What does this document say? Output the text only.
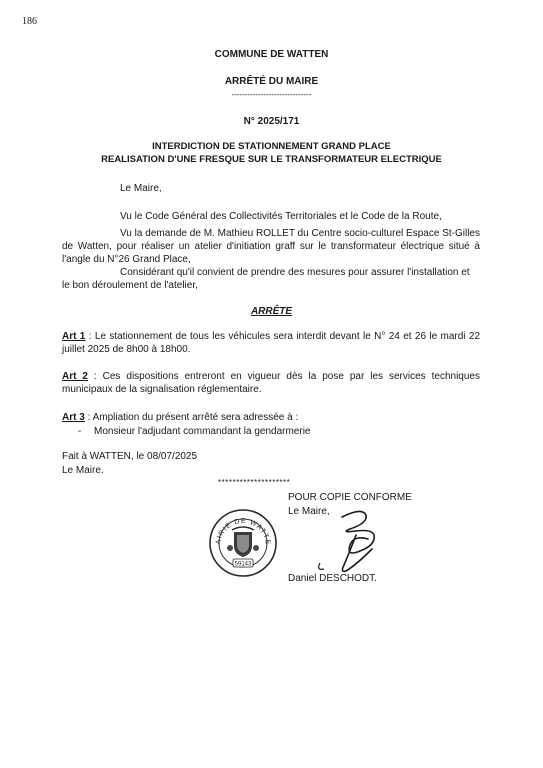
186
COMMUNE DE WATTEN
ARRÊTÉ DU MAIRE
------------------------------
N° 2025/171
INTERDICTION DE STATIONNEMENT GRAND PLACE
REALISATION D'UNE FRESQUE SUR LE TRANSFORMATEUR ELECTRIQUE
Le Maire,
Vu le Code Général des Collectivités Territoriales et le Code de la Route,
Vu la demande de M. Mathieu ROLLET du Centre socio-culturel Espace St-Gilles de Watten, pour réaliser un atelier d'initiation graff sur le transformateur électrique situé à l'angle du N°26 Grand Place,
Considérant qu'il convient de prendre des mesures pour assurer l'installation et le bon déroulement de l'atelier,
ARRÊTE
Art 1 : Le stationnement de tous les véhicules sera interdit devant le N° 24 et 26 le mardi 22 juillet 2025 de 8h00 à 18h00.
Art 2 : Ces dispositions entreront en vigueur dès la pose par les services techniques municipaux de la signalisation réglementaire.
Art 3 : Ampliation du présent arrêté sera adressée à :
- Monsieur l'adjudant commandant la gendarmerie
Fait à WATTEN, le 08/07/2025
Le Maire.
********************
POUR COPIE CONFORME
Le Maire,
AIRIE DE WATTE
59143
Daniel DESCHODT.
